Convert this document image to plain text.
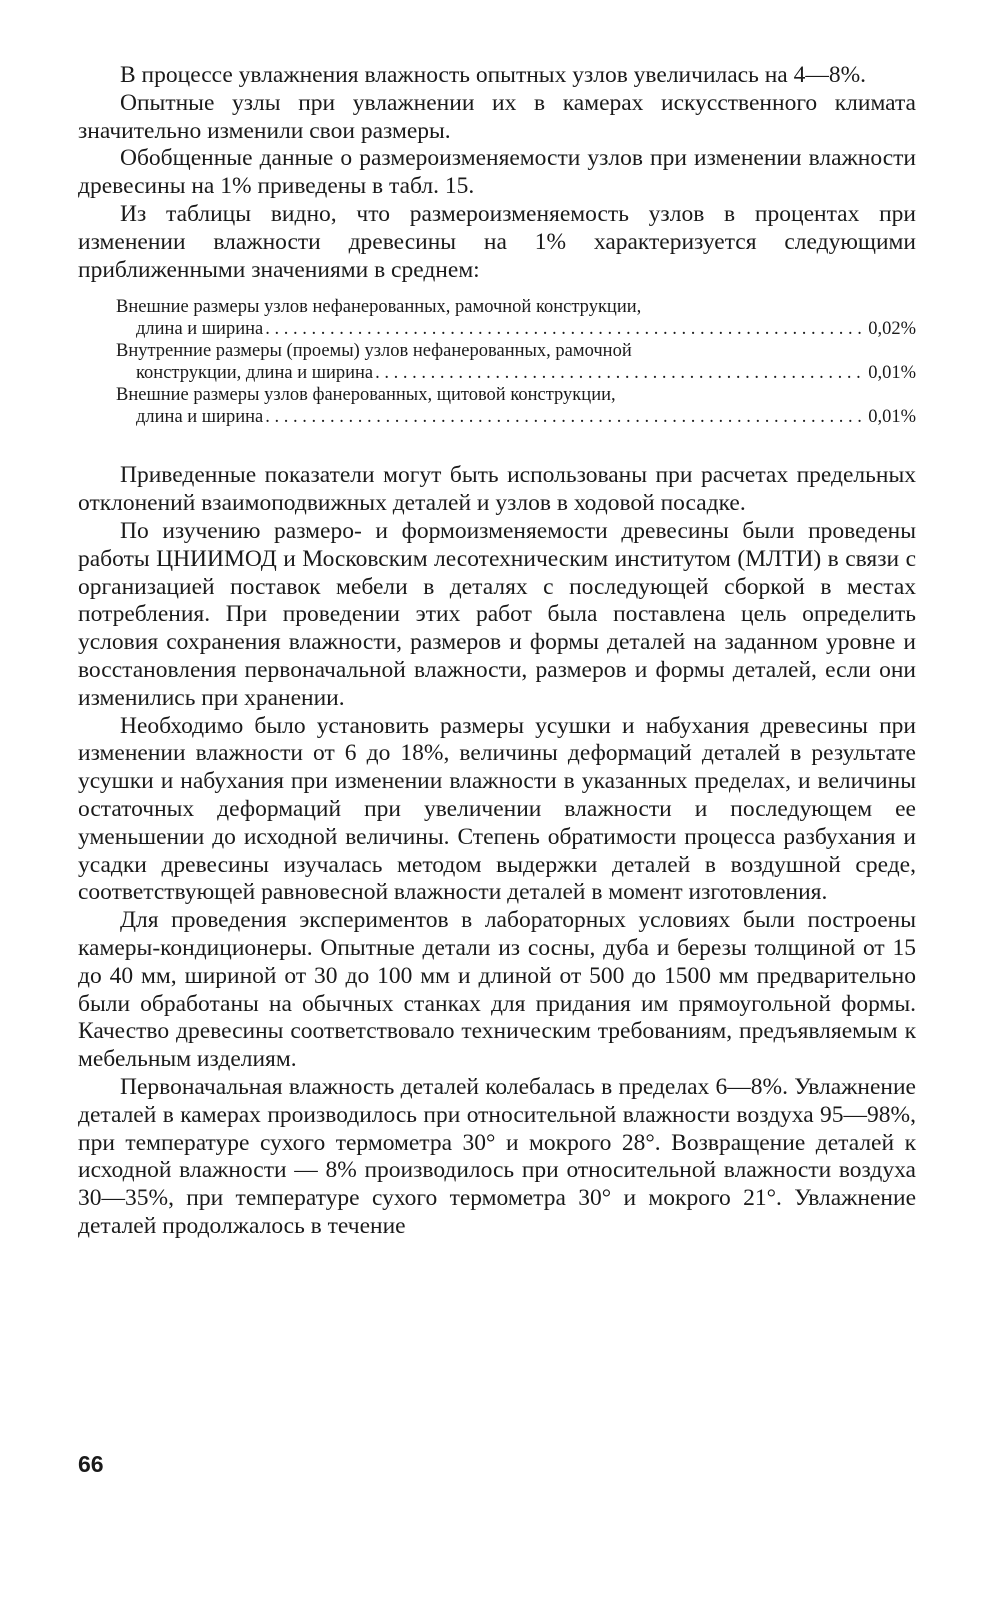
В процессе увлажнения влажность опытных узлов увеличилась на 4—8%.

Опытные узлы при увлажнении их в камерах искусственного климата значительно изменили свои размеры.

Обобщенные данные о размероизменяемости узлов при изменении влажности древесины на 1% приведены в табл. 15.

Из таблицы видно, что размероизменяемость узлов в процентах при изменении влажности древесины на 1% характеризуется следующими приближенными значениями в среднем:

Внешние размеры узлов нефанерованных, рамочной конструкции,
длина и ширина . . .	0,02%
Внутренние размеры (проемы) узлов нефанерованных, рамочной
конструкции, длина и ширина . . .	0,01%
Внешние размеры узлов фанерованных, щитовой конструкции,
длина и ширина . . .	0,01%

Приведенные показатели могут быть использованы при расчетах предельных отклонений взаимоподвижных деталей и узлов в ходовой посадке.

По изучению размеро- и формоизменяемости древесины были проведены работы ЦНИИМОД и Московским лесотехническим институтом (МЛТИ) в связи с организацией поставок мебели в деталях с последующей сборкой в местах потребления. При проведении этих работ была поставлена цель определить условия сохранения влажности, размеров и формы деталей на заданном уровне и восстановления первоначальной влажности, размеров и формы деталей, если они изменились при хранении.

Необходимо было установить размеры усушки и набухания древесины при изменении влажности от 6 до 18%, величины деформаций деталей в результате усушки и набухания при изменении влажности в указанных пределах, и величины остаточных деформаций при увеличении влажности и последующем ее уменьшении до исходной величины. Степень обратимости процесса разбухания и усадки древесины изучалась методом выдержки деталей в воздушной среде, соответствующей равновесной влажности деталей в момент изготовления.

Для проведения экспериментов в лабораторных условиях были построены камеры-кондиционеры. Опытные детали из сосны, дуба и березы толщиной от 15 до 40 мм, шириной от 30 до 100 мм и длиной от 500 до 1500 мм предварительно были обработаны на обычных станках для придания им прямоугольной формы. Качество древесины соответствовало техническим требованиям, предъявляемым к мебельным изделиям.

Первоначальная влажность деталей колебалась в пределах 6—8%. Увлажнение деталей в камерах производилось при относительной влажности воздуха 95—98%, при температуре сухого термометра 30° и мокрого 28°. Возвращение деталей к исходной влажности — 8% производилось при относительной влажности воздуха 30—35%, при температуре сухого термометра 30° и мокрого 21°. Увлажнение деталей продолжалось в течение

66
